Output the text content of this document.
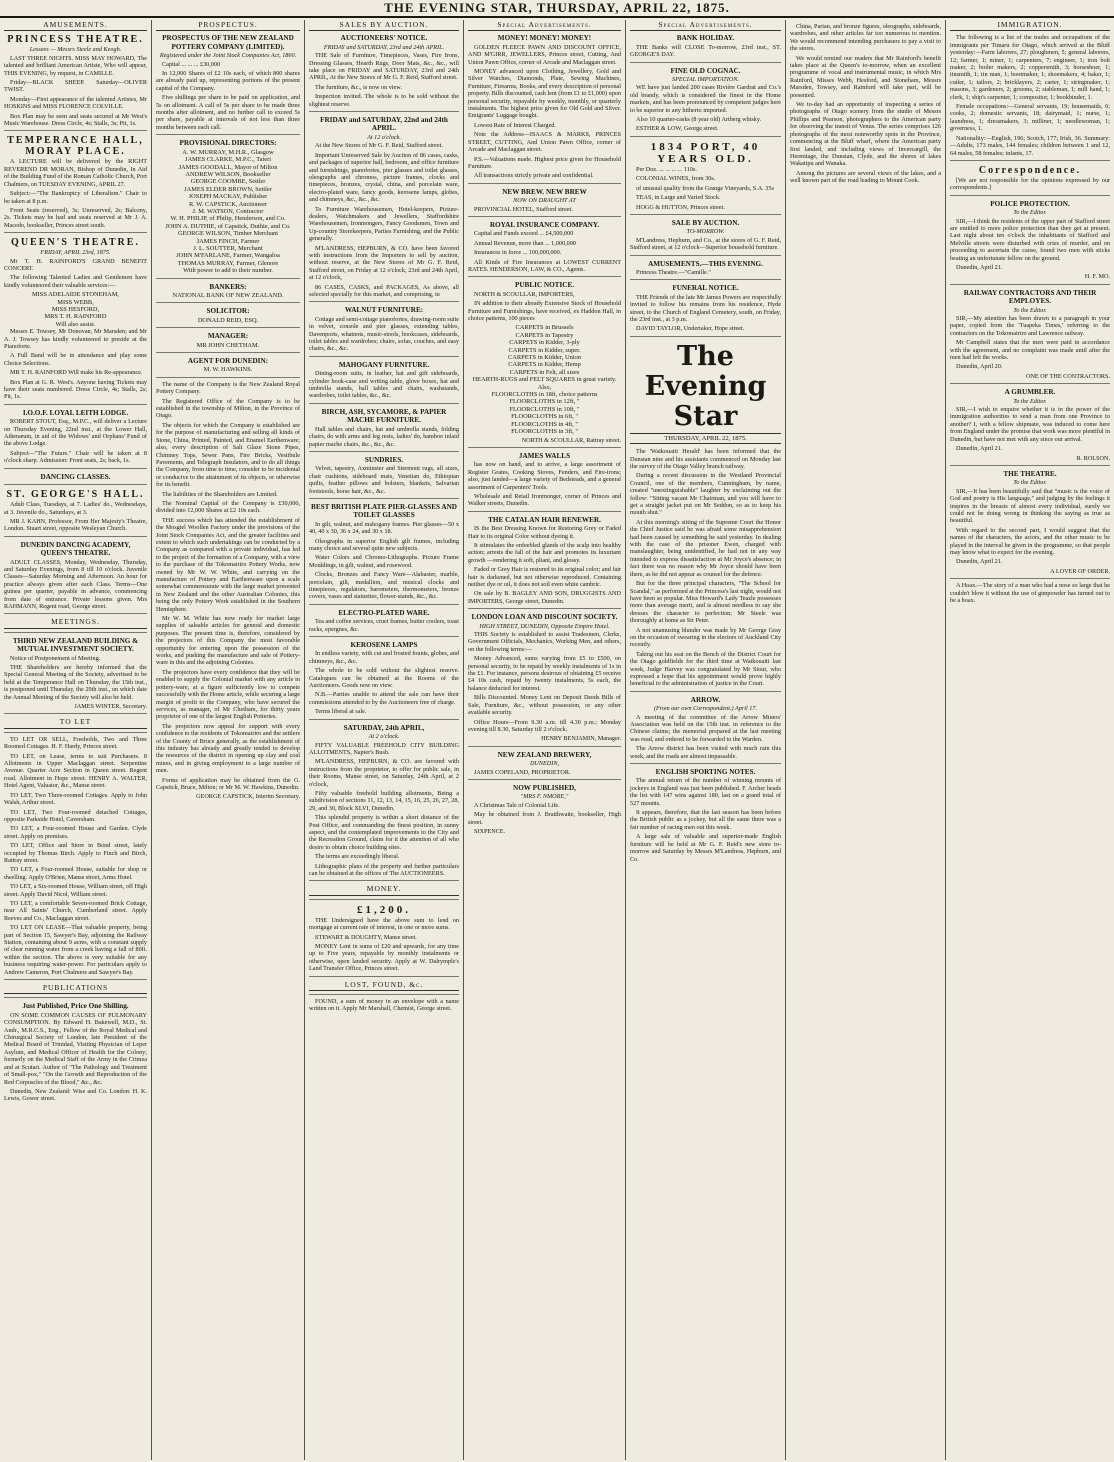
THE EVENING STAR, THURSDAY, APRIL 22, 1875.
AMUSEMENTS.
PRINCESS THEATRE.
Lessees — Messrs Steele and Keogh.

LAST THREE NIGHTS. MISS MAY HOWARD, The talented and brilliant American Artiste, Who will appear, THIS EVENING, by request, in CAMILLE.

Friday—BLACK SHEEP. Saturday—OLIVER TWIST.

Monday—First appearance of the talented Artistes, Mr HOSKINS and MISS FLORENCE COLVILLE.

Box Plan may be seen and seats secured at Mr West's Music Warehouse. Dress Circle, 4s; Stalls, 3s; Pit, 1s.

TEMPERANCE HALL, MORAY PLACE.

A LECTURE will be delivered by the RIGHT REVEREND DR MORAN, Bishop of Dunedin, In Aid of the Building Fund of the Roman Catholic Church, Port Chalmers, on TUESDAY EVENING, APRIL 27.

Subject:—"The Bankruptcy of Liberalism." Chair to be taken at 8 p.m.

Front Seats (reserved), 3s; Unreserved, 2s; Balcony, 2s. Tickets may be had and seats reserved at Mr J. A. Macedo, bookseller, Princes street south.

QUEEN'S THEATRE.
FRIDAY, APRIL 23rd, 1875.

Mr T. H. RAINFORD'S GRAND BENEFIT CONCERT.

The following Talented Ladies and Gentlemen have kindly volunteered their valuable services:—

MISS ADELAIDE STONEHAM,

MISS WEBB,

MISS HESFORD,

MRS T. H. RAINFORD

Will also assist.

Messrs E. Towsey, Mr Donovan, Mr Marsden; and Mr A. J. Towsey has kindly volunteered to preside at the Pianoforte.

A Full Band will be in attendance and play some Choice Selections.

MR T. H. RAINFORD Will make his Re-appearance.

Box Plan at G. R. West's. Anyone having Tickets may have their seats numbered. Dress Circle, 4s; Stalls, 2s; Pit, 1s.

I.O.O.F. LOYAL LEITH LODGE.

ROBERT STOUT, Esq., M.P.C., will deliver a Lecture on Thursday Evening, 22nd inst., at the Lower Hall, Athenæum, in aid of the Widows' and Orphans' Fund of the above Lodge.

Subject—"The Future." Chair will be taken at 8 o'clock sharp. Admission: Front seats, 2s; back, 1s.

DANCING CLASSES.
ST. GEORGE'S HALL.

Adult Class, Tuesdays, at 7. Ladies' do., Wednesdays, at 3. Juvenile do., Saturdays, at 3.

MR J. KAHN, Professor, From Her Majesty's Theatre, London. Stuart street, opposite Wesleyan Church.

DUNEDIN DANCING ACADEMY, QUEEN'S THEATRE.

ADULT CLASSES, Monday, Wednesday, Thursday, and Saturday Evenings, from 8 till 10 o'clock. Juvenile Classes—Saturday Morning and Afternoon. An hour for practice always given after each Class. Terms—One guinea per quarter, payable in advance, commencing from date of entrance. Private lessons given. Mrs RAHMANN, Regent road, George street.

MEETINGS.
THIRD NEW ZEALAND BUILDING & MUTUAL INVESTMENT SOCIETY.

Notice of Postponement of Meeting.

THE Shareholders are hereby informed that the Special General Meeting of the Society, advertised to be held at the Temperance Hall on Thursday, the 15th inst., is postponed until Thursday, the 29th inst., on which date the Annual Meeting of the Society will also be held.

JAMES WINTER, Secretary.

TO LET

TO LET OR SELL, Freeholds, Two and Three Roomed Cottages. H. F. Hardy, Princes street.

TO LET, on Lease, terms to suit Purchasers. 8 Allotments in Upper Maclaggan street. Serpentine Avenue. Quarter Acre Section in Queen street. Regent road. Allotment in Hope street. HENRY A. WALTER, Hotel Agent, Valuator, &c., Manse street.

TO LET, Two Three-roomed Cottages. Apply to John Walsh, Arthur street.

TO LET, Two Four-roomed detached Cottages, opposite Parkside Hotel, Caversham.

TO LET, a Four-roomed House and Garden. Clyde street. Apply on premises.

TO LET, Office and Store in Bond street, lately occupied by Thomas Birch. Apply to Finch and Birch, Rattray street.

TO LET, a Four-roomed House, suitable for shop or dwelling. Apply O'Brien, Manse street, Arms Hotel.

TO LET, a Six-roomed House, William street, off High street. Apply David Nicol, William street.

TO LET, a comfortable Seven-roomed Brick Cottage, near All Saints' Church, Cumberland street. Apply Reeves and Co., Maclaggan street.

TO LET ON LEASE—That valuable property, being part of Section 15, Sawyer's Bay, adjoining the Railway Station, containing about 9 acres, with a constant supply of clear running water from a creek having a fall of 80ft. within the section. The above is very suitable for any business requiring water-power. For particulars apply to Andrew Cameron, Port Chalmers and Sawyer's Bay.

PUBLICATIONS
Just Published, Price One Shilling.

ON SOME COMMON CAUSES OF PULMONARY CONSUMPTION. By Edward H. Bakewell, M.D., St. Andr., M.R.C.S., Eng., Fellow of the Royal Medical and Chirurgical Society of London, late President of the Medical Board of Trinidad, Visiting Physician of Leper Asylum, and Medical Officer of Health for the Colony; formerly on the Medical Staff of the Army in the Crimea and at Scutari. Author of "The Pathology and Treatment of Small-pox," "On the Growth and Reproduction of the Red Corpuscles of the Blood," &c., &c.

Dunedin, New Zealand: Wise and Co. London: H. K. Lewis, Gower street.

PROSPECTUS.
PROSPECTUS OF THE NEW ZEALAND POTTERY COMPANY (LIMITED).
Registered under the Joint Stock Companies Act, 1860.

Capital ... ... ... £30,000

In 12,000 Shares of £2 10s each, of which 800 shares are already paid up, representing portions of the present capital of the Company.

Five shillings per share to be paid on application, and 5s on allotment. A call of 5s per share to be made three months after allotment, and no further call to exceed 5s per share, payable at intervals of not less than three months between each call.

PROVISIONAL DIRECTORS:

A. W. MURRAY, M.H.R., Glasgow

JAMES CLARKE, M.P.C., Taieri

JAMES GOODALL, Mayor of Milton

ANDREW WILSON, Bookseller

GEORGE COOMBE, Settler

JAMES ELDER BROWN, Settler

JOSEPH MACKAY, Publisher

R. W. CAPSTICK, Auctioneer

J. M. WATSON, Contractor

W. H. PHILIP, of Philip, Henderson, and Co.

JOHN A. DUTHIE, of Capstick, Duthie, and Co.

GEORGE WILSON, Timber Merchant

JAMES FINCH, Farmer

J. L. SOUTTER, Merchant

JOHN M'FARLANE, Farmer, Wangaloa

THOMAS MURRAY, Farmer, Glenore

With power to add to their number.

BANKERS:

NATIONAL BANK OF NEW ZEALAND.

SOLICITOR:

DONALD REID, ESQ.

MANAGER:

MR JOHN CHETHAM.

AGENT FOR DUNEDIN:

M. W. HAWKINS.

The name of the Company is the New Zealand Royal Pottery Company.

The Registered Office of the Company is to be established in the township of Milton, in the Province of Otago.

The objects for which the Company is established are for the purpose of manufacturing and selling all kinds of Stone, China, Printed, Painted, and Enamel Earthenware; also, every description of Salt Glaze Stone Pipes, Chimney Tops, Sewer Pans, Fire Bricks, Vestibule Pavements, and Telegraph Insulators, and to do all things the Company, from time to time, consider to be incidental or conducive to the attainment of its objects, or otherwise for its benefit.

The liabilities of the Shareholders are Limited.

The Nominal Capital of the Company is £30,000, divided into 12,000 Shares at £2 10s each.

THE success which has attended the establishment of the Mosgiel Woollen Factory under the provisions of the Joint Stock Companies Act, and the greater facilities and extent to which such undertakings can be conducted by a Company as compared with a private individual, has led to the project of the formation of a Company, with a view to the purchase of the Tokomairiro Pottery Works, now owned by Mr W. W. White, and carrying on the manufacture of Pottery and Earthenware upon a scale somewhat commensurate with the large market presented in New Zealand and the other Australian Colonies, this being the only Pottery Work established in the Southern Hemisphere.

Mr W. M. White has now ready for market large supplies of saleable articles for general and domestic purposes. The present time is, therefore, considered by the projectors of this Company the most favorable opportunity for entering upon the possession of the works, and pushing the manufacture and sale of Pottery-ware in this and the adjoining Colonies.

The projectors have every confidence that they will be enabled to supply the Colonial market with any article in pottery-ware, at a figure sufficiently low to compete successfully with the Home article, while securing a large margin of profit to the Company, who have secured the services, as manager, of Mr Chetham, for thirty years proprietor of one of the largest English Potteries.

The projectors now appeal for support with every confidence to the residents of Tokomairiro and the settlers of the County of Bruce generally, as the establishment of this industry has already and greatly tended to develop the resources of the district in opening up clay and coal mines, and in giving employment to a large number of men.

Forms of application may be obtained from the G. Capstick, Bruce, Milton; or Mr M. W. Hawkins, Dunedin.

GEORGE CAPSTICK, Interim Secretary.

SALES BY AUCTION.
AUCTIONEERS' NOTICE.
FRIDAY and SATURDAY, 23rd and 24th APRIL.

THE Sale of Furniture, Timepieces, Vases, Fire Irons, Dressing Glasses, Hearth Rugs, Door Mats, &c., &c., will take place on FRIDAY and SATURDAY, 23rd and 24th APRIL, At the New Stores of Mr G. F. Reid, Stafford street.

The furniture, &c., is now on view.

Inspection invited. The whole is to be sold without the slightest reserve.

FRIDAY and SATURDAY, 22nd and 24th APRIL.
At 12 o'clock.

At the New Stores of Mr G. F. Reid, Stafford street.

Important Unreserved Sale by Auction of 86 cases, casks, and packages of superior hall, bedroom, and office furniture and furnishings, pianofortes, pier glasses and toilet glasses, oleographs and chromos, picture frames, clocks and timepieces, bronzes, crystal, china, and porcelain ware, electro-plated ware, fancy goods, kerosene lamps, globes, and chimneys, &c., &c., &c.

To Furniture Warehousemen, Hotel-keepers, Picture-dealers, Watchmakers and Jewellers, Staffordshire Warehousemen, Ironmongers, Fancy Goodsmen, Town and Up-country Storekeepers, Parties Furnishing, and the Public generally.

M'LANDRESS, HEPBURN, & CO. have been favored with instructions from the Importers to sell by auction, without reserve, at the New Stores of Mr G. F. Reid, Stafford street, on Friday at 12 o'clock, 23rd and 24th April, at 12 o'clock,

86 CASES, CASKS, and PACKAGES, As above, all selected specially for this market, and comprising, in

WALNUT FURNITURE:

Cottage and semi-cottage pianofortes, drawing-room suite in velvet, console and pier glasses, extending tables, Davenports, whatnots, music-stools, bookcases, sideboards, toilet tables and wardrobes; chairs, sofas, couches, and easy chairs, &c., &c.

MAHOGANY FURNITURE.

Dining-room suits, in leather, hat and gift sideboards, cylinder book-case and writing table, glove boxes, hat and umbrella stands, hall tables and chairs, washstands, wardrobes, toilet tables, &c., &c.

BIRCH, ASH, SYCAMORE, & PAPIER MACHE FURNITURE.

Hall tables and chairs, hat and umbrella stands, folding chairs, do with arms and leg rests, ladies' do, bamboo inlaid papier mache chairs, &c., &c., &c.

SUNDRIES.

Velvet, tapestry, Axminster and Stermont rugs, all sizes, chair cushions, sideboard mats, Venetian do, Ethiopian quilts, feather pillows and bolsters, blankets, Salvarian footstools, horse hair, &c., &c.

BEST BRITISH PLATE PIER-GLASSES AND TOILET GLASSES

In gilt, walnut, and mahogany frames. Pier glasses—50 x 40, 40 x 30, 36 x 24, and 30 x 18.

Oleographs in superior English gilt frames, including many choice and several quite new subjects.

Water Colors and Chromo-Lithographs. Picture Frame Mouldings, in gilt, walnut, and rosewood.

Clocks, Bronzes and Fancy Ware—Alabaster, marble, porcelain, gilt, medallion, and musical clocks and timepieces, regulators, barometers, thermometers, bronze covers, vases and statuettes, flower-stands, &c., &c.

ELECTRO-PLATED WARE.

Tea and coffee services, cruet frames, butter coolers, toast racks, epergnes, &c.

KEROSENE LAMPS

In endless variety, with cut and frosted founts, globes, and chimneys, &c., &c.

The whole to be sold without the slightest reserve. Catalogues can be obtained at the Rooms of the Auctioneers. Goods now on view.

N.B.—Parties unable to attend the sale can have their commissions attended to by the Auctioneers free of charge.

Terms liberal at sale.

SATURDAY, 24th APRIL,
At 2 o'clock.

FIFTY VALUABLE FREEHOLD CITY BUILDING ALLOTMENTS, Napier's Bush.

M'LANDRESS, HEPBURN, & CO. are favored with instructions from the proprietor, to offer for public sale, in their Rooms, Manse street, on Saturday, 24th April, at 2 o'clock,

Fifty valuable freehold building allotments, Being a subdivision of sections 11, 12, 13, 14, 15, 16, 25, 26, 27, 28, 29, and 30, Block XLVI, Dunedin.

This splendid property is within a short distance of the Post Office, and commanding the finest position, in sunny aspect, and the contemplated improvements to the City and the Recreation Ground, claim for it the attention of all who desire to obtain choice building sites.

The terms are exceedingly liberal.

Lithographic plans of the property and further particulars can be obtained at the offices of The AUCTIONEERS.

MONEY.
£1,200.

THE Undersigned have the above sum to lend on mortgage at current rate of interest, in one or more sums.

STEWART & DOUGHTY, Manse street.

MONEY Lent in sums of £20 and upwards, for any time up to Five years, repayable by monthly instalments or otherwise, upon landed security. Apply at W. Dalrymple's Land Transfer Office, Princes street.

LOST, FOUND, &c.

FOUND, a sum of money in an envelope with a name written on it. Apply Mr Marshall, Chemist, George street.

Special Advertisements.
MONEY! MONEY! MONEY!

GOLDEN FLEECE PAWN AND DISCOUNT OFFICE, AND M'GIRR, JEWELLERS, Princes street, Cutting, And Union Pawn Office, corner of Arcade and Maclaggan street.

MONEY advanced upon Clothing, Jewellery, Gold and Silver Watches, Diamonds, Plate, Sewing Machines, Furniture, Firearms, Books, and every description of personal property. Bills discounted, cash lent (from £1 to £1,000) upon personal security, repayable by weekly, monthly, or quarterly instalments. The highest price given for Old Gold and Silver. Emigrants' Luggage bought.

Lowest Rate of Interest Charged.

Note the Address—ISAACS & MARKS, PRINCES STREET, CUTTING, And Union Pawn Office, corner of Arcade and Maclaggan street.

P.S.—Valuations made. Highest price given for Household Furniture.

All transactions strictly private and confidential.

NEW BREW. NEW BREW
NOW ON DRAUGHT AT

PROVINCIAL HOTEL, Stafford street.

ROYAL INSURANCE COMPANY.

Capital and Funds exceed ... £4,500,000

Annual Revenue, more than ... 1,000,000

Insurances in force ... 100,000,000.

All Kinds of Fire Insurances at LOWEST CURRENT RATES. HENDERSON, LAW, & CO., Agents.

PUBLIC NOTICE.

NORTH & SCOULLAR, IMPORTERS,

IN addition to their already Extensive Stock of Household Furniture and Furnishings, have received, ex Haddon Hall, in choice patterns, 100 pieces

CARPETS in Brussels

CARPETS in Tapestry

CARPETS in Kidder, 3-ply

CARPETS in Kidder, super.

CARPETS in Kidder, Union

CARPETS in Kidder, Hemp

CARPETS in Felt, all sizes

HEARTH-RUGS and FELT SQUARES in great variety.

Also,

FLOORCLOTHS in 18ft, choice patterns

FLOORCLOTHS in 12ft, "

FLOORCLOTHS in 10ft, "

FLOORCLOTHS in 6ft, "

FLOORCLOTHS in 4ft, "

FLOORCLOTHS in 3ft, "

NORTH & SCOULLAR, Rattray street.

JAMES WALLS

has now on hand, and to arrive, a large assortment of Register Grates, Cooking Stoves, Fenders, and Fire-irons; also, just landed—a large variety of Bedsteads, and a general assortment of Carpenters' Tools.

Wholesale and Retail Ironmonger, corner of Princes and Walker streets, Dunedin.

THE CATALAN HAIR RENEWER.

IS the Best Dressing Known for Restoring Grey or Faded Hair to its original Color without dyeing it.

It stimulates the enfeebled glands of the scalp into healthy action; arrests the fall of the hair and promotes its luxuriant growth —rendering it soft, pliant, and glossy.

Faded or Grey Hair is restored to its original color; and fair hair is darkened, but not otherwise reproduced. Containing neither dye or oil, it does not soil even white cambric.

On sale by B. BAGLEY AND SON, DRUGGISTS AND IMPORTERS, George street, Dunedin.

LONDON LOAN AND DISCOUNT SOCIETY.
HIGH STREET, DUNEDIN, Opposite Empire Hotel.

THIS Society is established to assist Tradesmen, Clerks, Government Officials, Mechanics, Working Men, and others, on the following terms:—

Money Advanced, sums varying from £5 to £500, on personal security, to be repaid by weekly instalments of 1s in the £1. For instance, persons desirous of obtaining £5 receive £4 10s cash, repaid by twenty instalments, 5s each, the balance deducted for interest.

Bills Discounted. Money Lent on Deposit Deeds Bills of Sale, Furniture, &c., without possession, or any other available security.

Office Hours—From 9.30 a.m. till 4.30 p.m.; Monday evening till 8.30, Saturday till 2 o'clock.

HENRY BENJAMIN, Manager.

NEW ZEALAND BREWERY,
DUNEDIN,

JAMES COPELAND, PROPRIETOR.

NOW PUBLISHED,
"MRS F. NMORE,"

A Christmas Tale of Colonial Life.

May be obtained from J. Braithwaite, bookseller, High street.

SIXPENCE.

Special Advertisements.
BANK HOLIDAY.

THE Banks will CLOSE To-morrow, 23rd inst., ST. GEORGE'S DAY.

FINE OLD COGNAC.
SPECIAL IMPORTATION.

WE have just landed 200 cases Rivière Gardrat and Co.'s old brandy, which is considered the finest in the Home markets, and has been pronounced by competent judges here to be superior to any hitherto imported.

Also 10 quarter-casks (8 year old) Artberg whisky.

ESTHER & LOW, George street.

1834 PORT, 40 YEARS OLD.

Per Doz. ... ... ... ... 110s.

COLONIAL WINES, from 30s.

of unusual quality from the Grange Vineyards, S.A. 35s

TEAS, in Large and Varied Stock.

HOGG & HUTTON, Princes street.

SALE BY AUCTION.
TO-MORROW.

M'Landress, Hepburn, and Co., at the stores of G. F. Reid, Stafford street, at 12 o'clock—Superior household furniture.

AMUSEMENTS.—THIS EVENING.

Princess Theatre.—"Camille."

FUNERAL NOTICE.

THE Friends of the late Mr James Powers are respectfully invited to follow his remains from his residence, Hyde street, to the Church of England Cemetery, south, on Friday, the 23rd inst., at 3 p.m.

DAVID TAYLOR, Undertaker, Hope street.

The Evening Star
THURSDAY, APRIL 22, 1875.

The 'Waikouaiti Herald' has been informed that the Dunstan nine and his assistants commenced on Monday last the survey of the Otago Valley branch railway.

During a recent discussion in the Westland Provincial Council, one of the members, Cunningham, by name, created "unextinguishable" laughter by exclaiming out the follow: "Sitting vacant Mr Chairman, and you will have to get a straight jacket put on Mr Seddon, so as to keep his mouth shut."

At this morning's sitting of the Supreme Court the Honor the Chief Justice said he was afraid some misapprehension had been caused by something he said yesterday. In dealing with the case of the prisoner Ewen, charged with manslaughter, being unidentified, he had not in any way intended to express dissatisfaction at Mr Joyce's absence; in fact there was no reason why Mr Joyce should have been there, as he did not appear as counsel for the defence.

But for the three principal characters, "The School for Scandal," as performed at the Princess's last night, would not have been so popular. Miss Howard's Lady Teazle possesses more than average merit, and is almost needless to say she dresses the character to perfection; Mr Steele was thoroughly at home as Sir Peter.

A not unamusing blunder was made by Mr George Gray on the occasion of swearing in the electors of Auckland City recently.

Taking out his seat on the Bench of the District Court for the Otago goldfields for the third time at Waikouaiti last week, Judge Harvey was congratulated by Mr Stout, who expressed a hope that his appointment would prove highly beneficial to the administration of justice in the Court.

ARROW.
(From our own Correspondent.) April 17.

A meeting of the committee of the Arrow Miners' Association was held on the 15th inst. in reference to the Chinese claims; the memorial prepared at the last meeting was read, and ordered to be forwarded to the Warden.

The Arrow district has been visited with much rain this week, and the roads are almost impassable.

ENGLISH SPORTING NOTES.

The annual return of the number of winning mounts of jockeys in England was just been published. F. Archer heads the list with 147 wins against 180, last on a grand total of 527 mounts.

It appears, therefore, that the last season has been before the British public as a jockey, but all the same there was a fair number of racing men out this week.

A large sale of valuable and superior-made English furniture will be held at Mr G. F. Reid's new store to-morrow and Saturday by Messrs M'Landress, Hepburn, and Co.

China, Parian, and bronze figures, oleographs, sideboards, wardrobes, and other articles far too numerous to mention. We would recommend intending purchasers to pay a visit to the stores.

We would remind our readers that Mr Rainford's benefit takes place at the Queen's to-morrow, when an excellent programme of vocal and instrumental music, in which Mrs Rainford, Misses Webb, Hesford, and Stoneham, Messrs Marsden, Towsey, and Rainford will take part, will be presented.

We to-day had an opportunity of inspecting a series of photographs of Otago scenery from the studio of Messrs Phillips and Pearson, photographers to the American party for observing the transit of Venus. The series comprises 126 photographs of the most noteworthy spots in the Province, commencing at the Bluff wharf, where the American party first landed, and including views of Invercargill, the Hermitage, the Dunstan, Clyde, and the shores of lakes Wakatipu and Wanaka.

Among the pictures are several views of the lakes, and a well known part of the road leading to Mount Cook.

IMMIGRATION.

The following is a list of the trades and occupations of the immigrants per Timaru for Otago, which arrived at the Bluff yesterday:—Farm laborers, 27; ploughmen, 5; general laborers, 12; farmer, 1; miner, 1; carpenters, 7; engineer, 1; iron bolt maker, 2; boiler makers, 2; coppersmith, 3; horseshoer, 1; tinsmith, 1; tin man, 1; bootmaker, 1; shoemakers, 4; baker, 1; cutler, 1; tailors, 2; bricklayers, 2; carter, 1; stringmaker, 1; masons, 3; gardeners, 2; grooms, 2; stableman, 1; mill hand, 1; clerk, 1; ship's carpenter, 1; compositor, 1; bookbinder, 1.

Female occupations:—General servants, 19; housemaids, 6; cooks, 2; domestic servants, 18; dairymaid, 1; nurse, 1; laundress, 1; dressmakers, 3; milliner, 1; needlewoman, 1; governess, 1.

Nationality:—English, 196; Scotch, 177; Irish, 36. Summary:—Adults, 173 males, 144 females; children between 1 and 12, 64 males, 58 females; infants, 17.

Correspondence.

[We are not responsible for the opinions expressed by our correspondents.]

POLICE PROTECTION.
To the Editor.

SIR,—I think the residents of the upper part of Stafford street are entitled to more police protection than they get at present. Last night about ten o'clock the inhabitants of Stafford and Melville streets were disturbed with cries of murder, and on proceeding to ascertain the cause, found two men with sticks beating an unfortunate fellow on the ground.

Dunedin, April 21.

H. F. MO.

RAILWAY CONTRACTORS AND THEIR EMPLOYES.
To the Editor.

SIR,—My attention has been drawn to a paragraph in your paper, copied from the 'Tuapeka Times,' referring to the contractors on the Tokomairiro and Lawrence railway.

Mr Campbell states that the men were paid in accordance with the agreement, and no complaint was made until after the men had left the works.

Dunedin, April 20.

ONE OF THE CONTRACTORS.

A GRUMBLER.
To the Editor.

SIR,—I wish to enquire whether it is in the power of the immigration authorities to send a man from one Province to another? I, with a fellow shipmate, was induced to come here from England under the promise that work was more plentiful in Dunedin, but have not met with any since our arrival.

Dunedin, April 21.

R. ROLSON.

THE THEATRE.
To the Editor.

SIR,—It has been beautifully said that "music is the voice of God and poetry is His language," and judging by the feelings it inspires in the breasts of almost every individual, surely we could not be doing wrong in thinking the saying as true as beautiful.

With regard to the second part, I would suggest that the names of the characters, the actors, and the other music to be played in the interval be given in the programme, so that people may know what to expect for the evening.

Dunedin, April 21.

A LOVER OF ORDER.

A Hoax.—The story of a man who had a nose so large that he couldn't blow it without the use of gunpowder has turned out to be a hoax.
